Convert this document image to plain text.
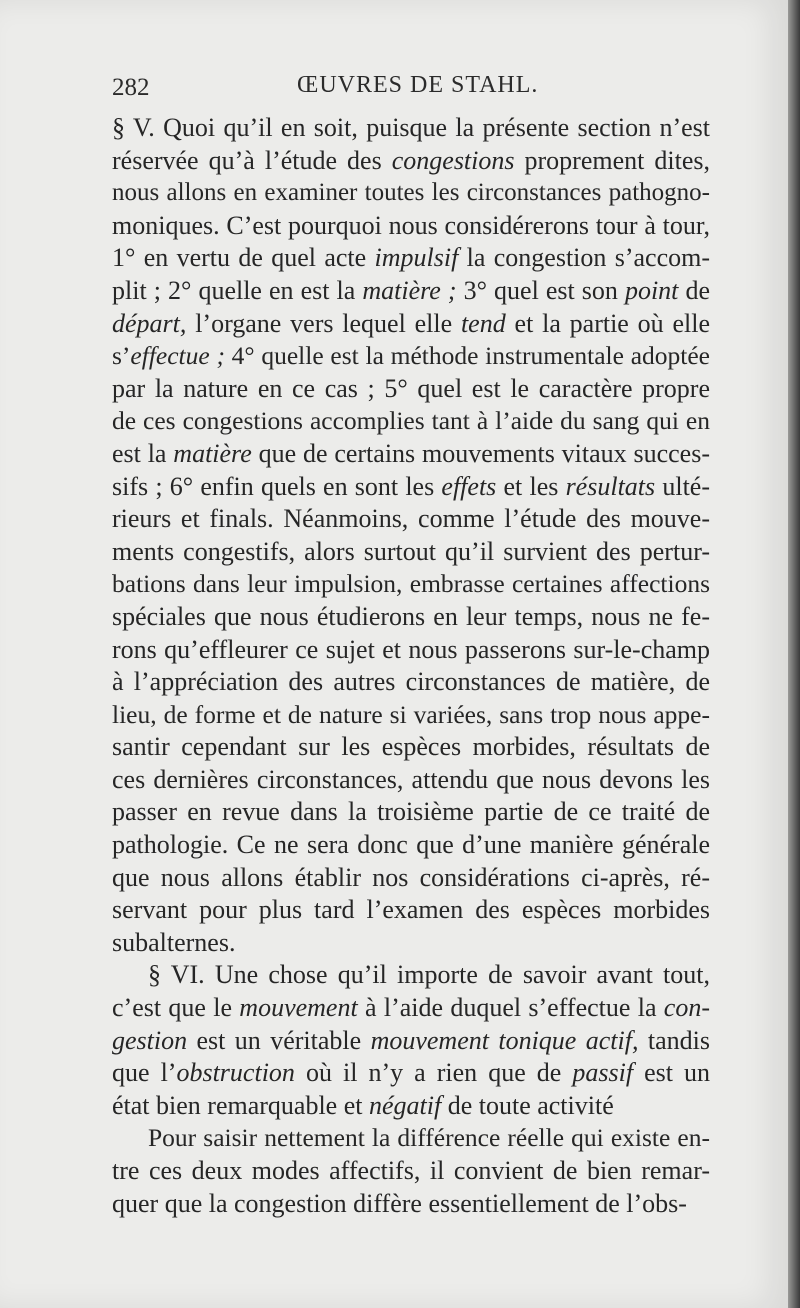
282	ŒUVRES DE STAHL.
§ V. Quoi qu’il en soit, puisque la présente section n’est
réservée qu’à l’étude des congestions proprement dites,
nous allons en examiner toutes les circonstances pathogno-
moniques. C’est pourquoi nous considérerons tour à tour,
1° en vertu de quel acte impulsif la congestion s’accom-
plit ; 2° quelle en est la matière ; 3° quel est son point de
départ, l’organe vers lequel elle tend et la partie où elle
s’effectue ; 4° quelle est la méthode instrumentale adoptée
par la nature en ce cas ; 5° quel est le caractère propre
de ces congestions accomplies tant à l’aide du sang qui en
est la matière que de certains mouvements vitaux succes-
sifs ; 6° enfin quels en sont les effets et les résultats ulté-
rieurs et finals. Néanmoins, comme l’étude des mouve-
ments congestifs, alors surtout qu’il survient des pertur-
bations dans leur impulsion, embrasse certaines affections
spéciales que nous étudierons en leur temps, nous ne fe-
rons qu’effleurer ce sujet et nous passerons sur-le-champ
à l’appréciation des autres circonstances de matière, de
lieu, de forme et de nature si variées, sans trop nous appe-
santir cependant sur les espèces morbides, résultats de
ces dernières circonstances, attendu que nous devons les
passer en revue dans la troisième partie de ce traité de
pathologie. Ce ne sera donc que d’une manière générale
que nous allons établir nos considérations ci-après, ré-
servant pour plus tard l’examen des espèces morbides
subalternes.
§ VI. Une chose qu’il importe de savoir avant tout,
c’est que le mouvement à l’aide duquel s’effectue la con-
gestion est un véritable mouvement tonique actif, tandis
que l’obstruction où il n’y a rien que de passif est un
état bien remarquable et négatif de toute activité
Pour saisir nettement la différence réelle qui existe en-
tre ces deux modes affectifs, il convient de bien remar-
quer que la congestion diffère essentiellement de l’obs-
